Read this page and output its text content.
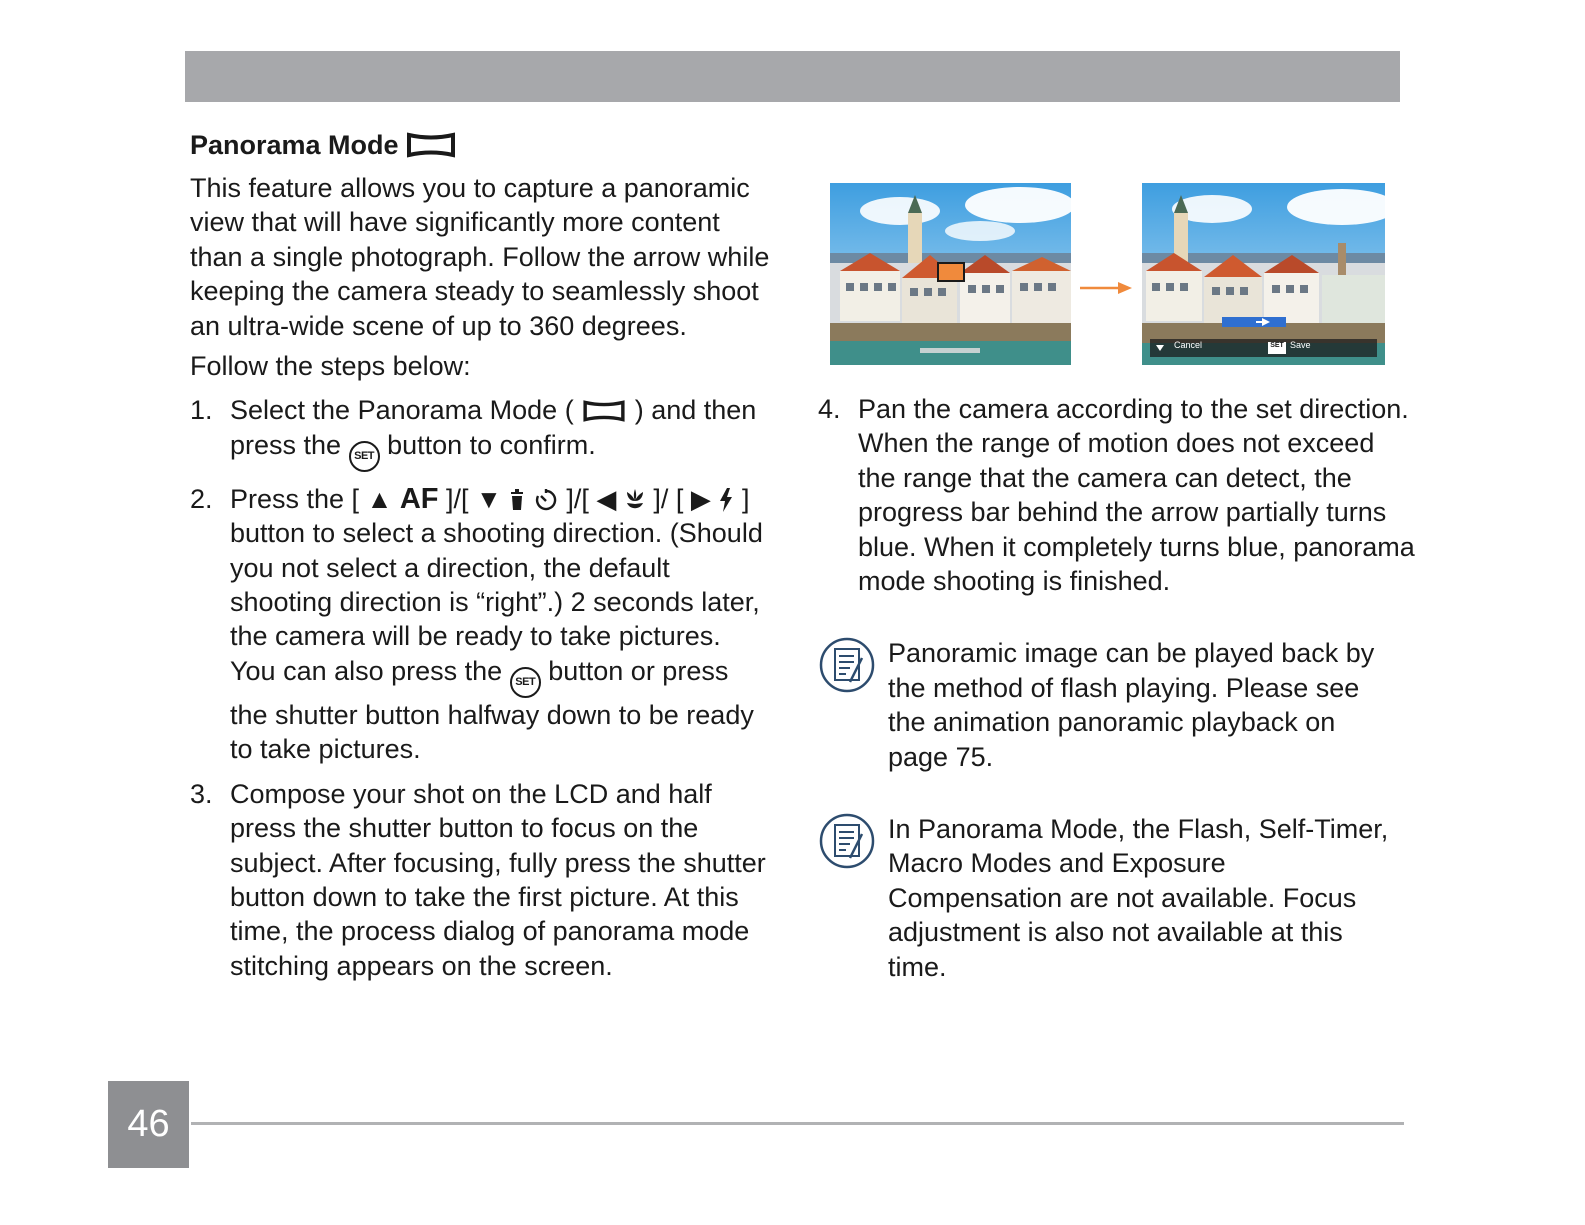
Panorama Mode

This feature allows you to capture a panoramic view that will have significantly more content than a single photograph. Follow the arrow while keeping the camera steady to seamlessly shoot an ultra-wide scene of up to 360 degrees.

Follow the steps below:

1. Select the Panorama Mode ( ) and then press the SET button to confirm.

2. Press the [ ▲ AF ]/[ ▼ ]/[ ◀ ]/ [ ▶ ] button to select a shooting direction. (Should you not select a direction, the default shooting direction is “right”.) 2 seconds later, the camera will be ready to take pictures. You can also press the SET button or press the shutter button halfway down to be ready to take pictures.

3. Compose your shot on the LCD and half press the shutter button to focus on the subject. After focusing, fully press the shutter button down to take the first picture. At this time, the process dialog of panorama mode stitching appears on the screen.

Cancel	SET Save
4. Pan the camera according to the set direction. When the range of motion does not exceed the range that the camera can detect, the progress bar behind the arrow partially turns blue. When it completely turns blue, panorama mode shooting is finished.

Panoramic image can be played back by the method of flash playing. Please see the animation panoramic playback on page 75.

In Panorama Mode, the Flash, Self-Timer, Macro Modes and Exposure Compensation are not available. Focus adjustment is also not available at this time.

46
